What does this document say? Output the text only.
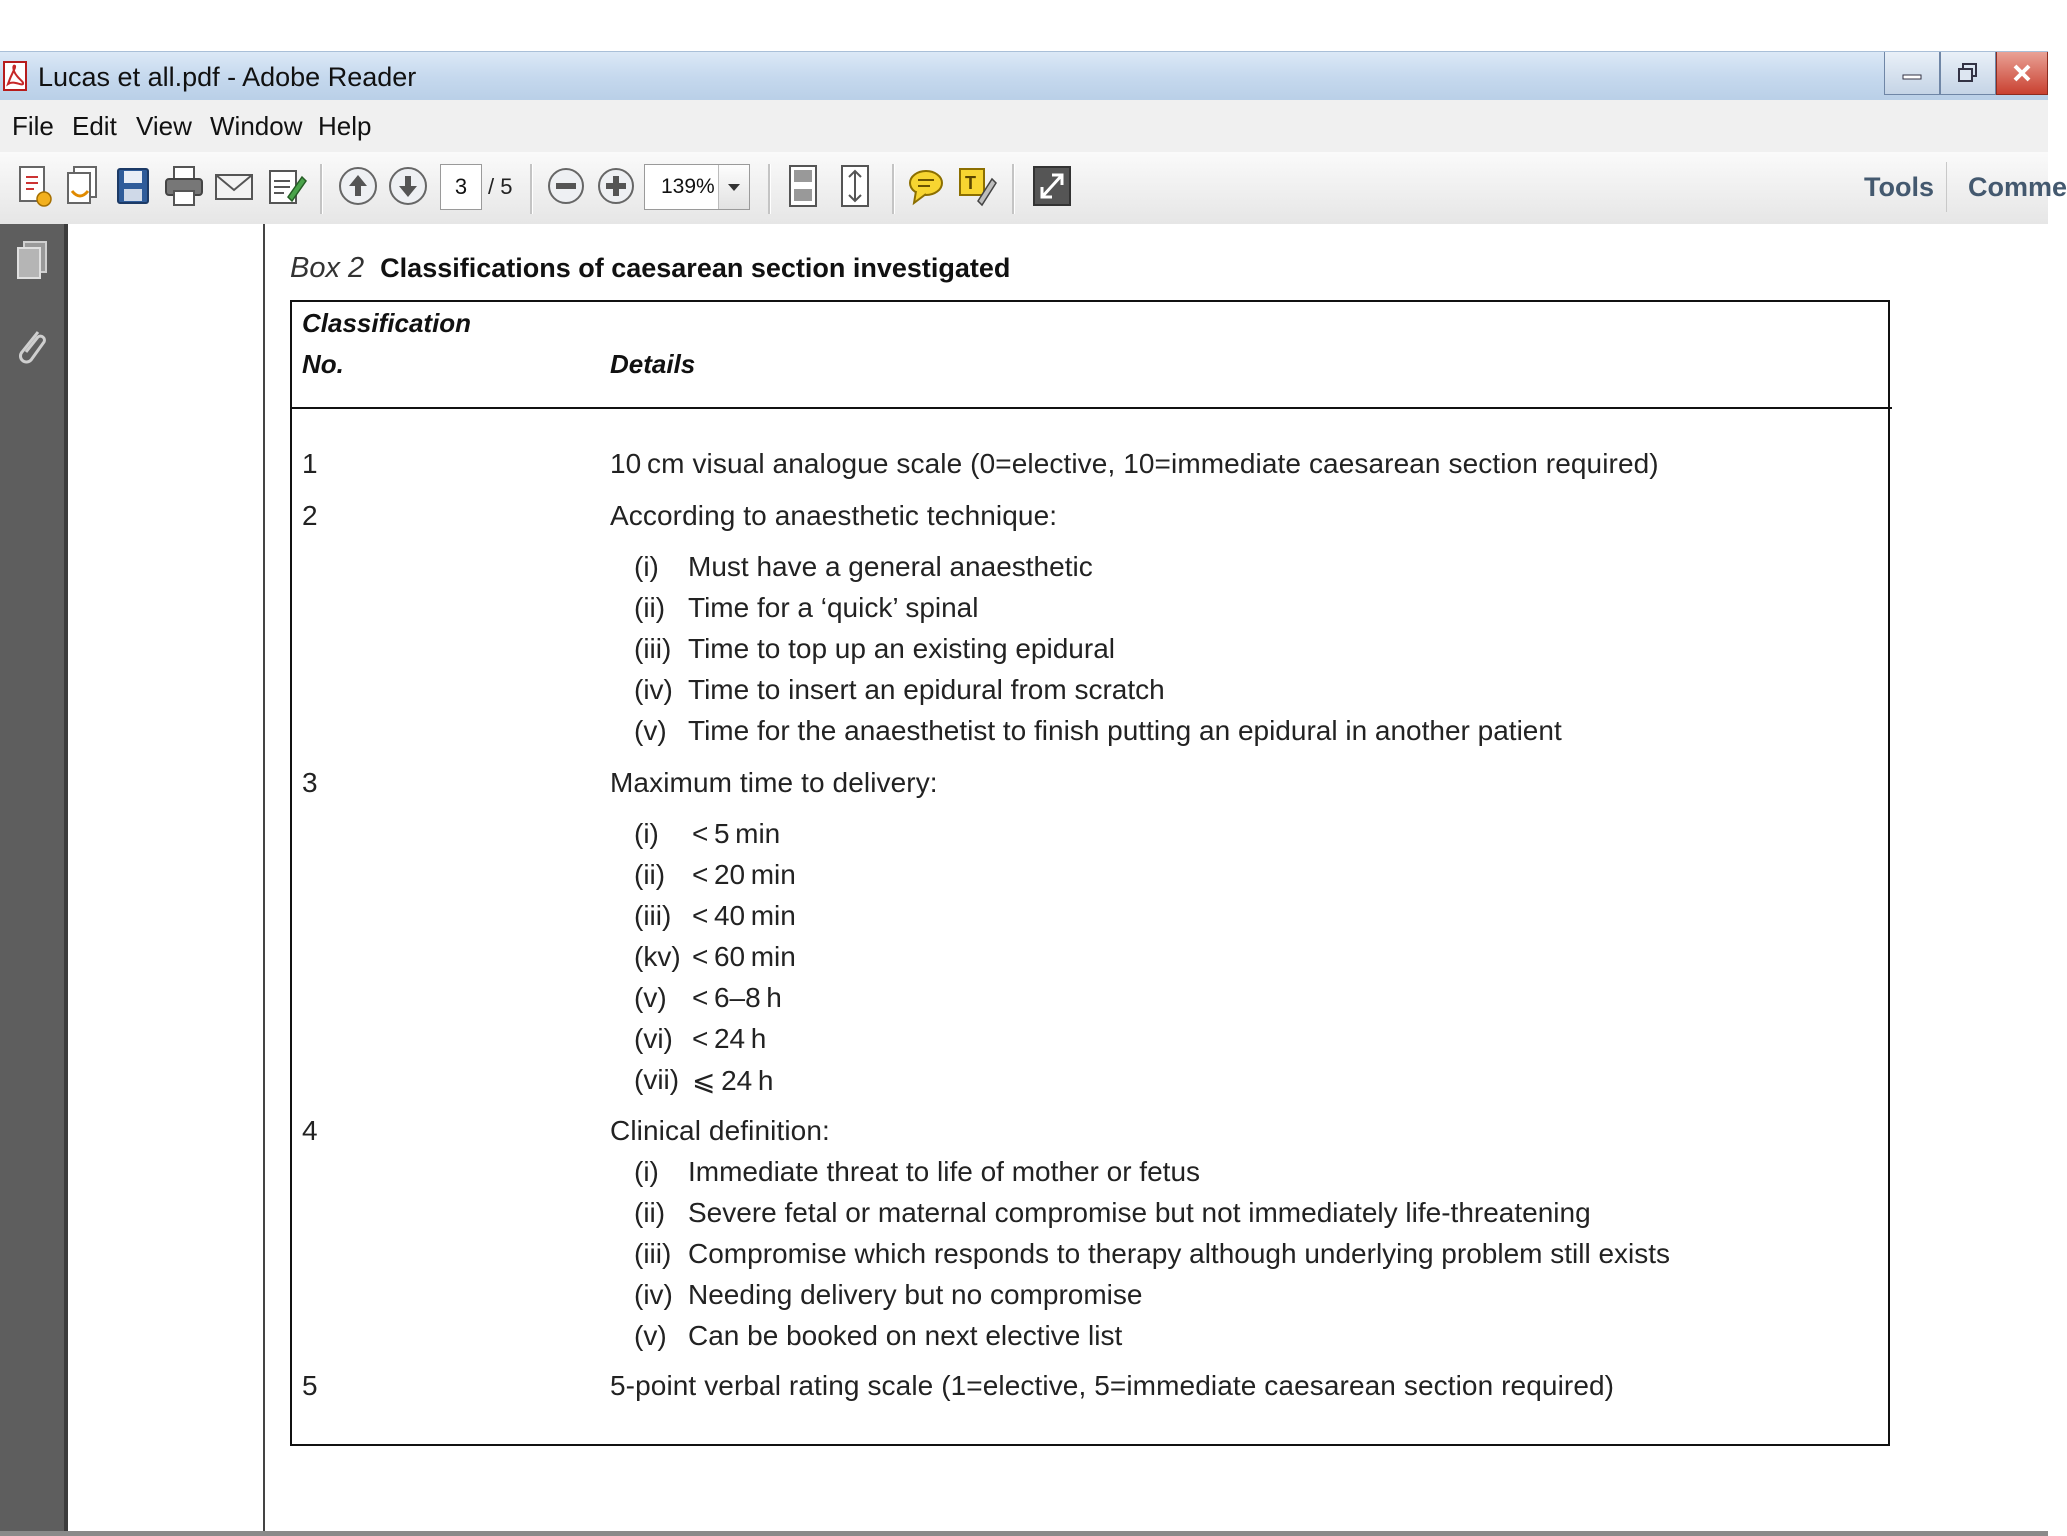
Lucas et all.pdf - Adobe Reader
File Edit View Window Help
3 / 5	139%	T	Tools Comme
Box 2 Classifications of caesarean section investigated
Classification
No.	Details
1	10 cm visual analogue scale (0=elective, 10=immediate caesarean section required)
2	According to anaesthetic technique:
(i) Must have a general anaesthetic
(ii) Time for a ‘quick’ spinal
(iii) Time to top up an existing epidural
(iv) Time to insert an epidural from scratch
(v) Time for the anaesthetist to finish putting an epidural in another patient
3	Maximum time to delivery:
(i) < 5 min
(ii) < 20 min
(iii) < 40 min
(kv) < 60 min
(v) < 6–8 h
(vi) < 24 h
(vii) ⩽ 24 h
4	Clinical definition:
(i) Immediate threat to life of mother or fetus
(ii) Severe fetal or maternal compromise but not immediately life-threatening
(iii) Compromise which responds to therapy although underlying problem still exists
(iv) Needing delivery but no compromise
(v) Can be booked on next elective list
5	5-point verbal rating scale (1=elective, 5=immediate caesarean section required)
